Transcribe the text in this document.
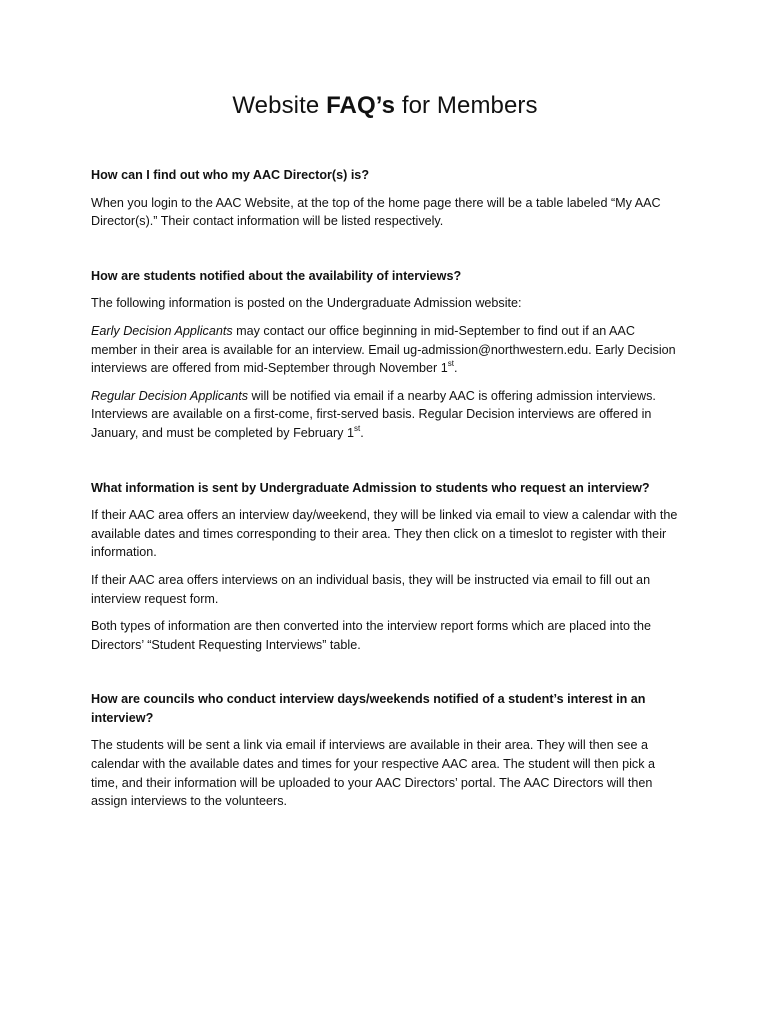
Website FAQ’s for Members
How can I find out who my AAC Director(s) is?
When you login to the AAC Website, at the top of the home page there will be a table labeled “My AAC Director(s).” Their contact information will be listed respectively.
How are students notified about the availability of interviews?
The following information is posted on the Undergraduate Admission website:
Early Decision Applicants may contact our office beginning in mid-September to find out if an AAC member in their area is available for an interview. Email ug-admission@northwestern.edu. Early Decision interviews are offered from mid-September through November 1st.
Regular Decision Applicants will be notified via email if a nearby AAC is offering admission interviews. Interviews are available on a first-come, first-served basis. Regular Decision interviews are offered in January, and must be completed by February 1st.
What information is sent by Undergraduate Admission to students who request an interview?
If their AAC area offers an interview day/weekend, they will be linked via email to view a calendar with the available dates and times corresponding to their area. They then click on a timeslot to register with their information.
If their AAC area offers interviews on an individual basis, they will be instructed via email to fill out an interview request form.
Both types of information are then converted into the interview report forms which are placed into the Directors’ “Student Requesting Interviews” table.
How are councils who conduct interview days/weekends notified of a student’s interest in an interview?
The students will be sent a link via email if interviews are available in their area. They will then see a calendar with the available dates and times for your respective AAC area. The student will then pick a time, and their information will be uploaded to your AAC Directors’ portal. The AAC Directors will then assign interviews to the volunteers.
